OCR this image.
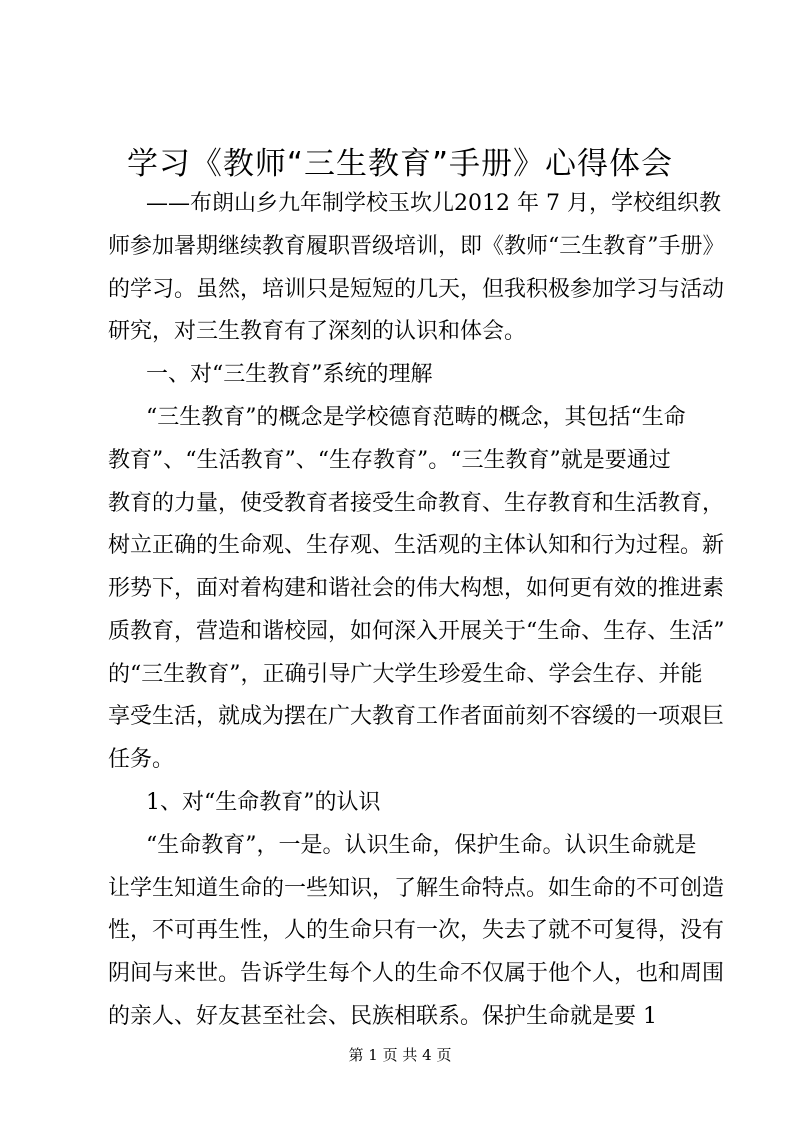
学习《教师“三生教育”手册》心得体会
——布朗山乡九年制学校玉坎儿2012 年 7 月，学校组织教
师参加暑期继续教育履职晋级培训，即《教师“三生教育”手册》
的学习。虽然，培训只是短短的几天，但我积极参加学习与活动
研究，对三生教育有了深刻的认识和体会。
一、对“三生教育”系统的理解
“三生教育”的概念是学校德育范畴的概念，其包括“生命
教育”、“生活教育”、“生存教育”。“三生教育”就是要通过
教育的力量，使受教育者接受生命教育、生存教育和生活教育，
树立正确的生命观、生存观、生活观的主体认知和行为过程。新
形势下，面对着构建和谐社会的伟大构想，如何更有效的推进素
质教育，营造和谐校园，如何深入开展关于“生命、生存、生活”
的“三生教育”，正确引导广大学生珍爱生命、学会生存、并能
享受生活，就成为摆在广大教育工作者面前刻不容缓的一项艰巨
任务。
1、对“生命教育”的认识
“生命教育”，一是。认识生命，保护生命。认识生命就是
让学生知道生命的一些知识，了解生命特点。如生命的不可创造
性，不可再生性，人的生命只有一次，失去了就不可复得，没有
阴间与来世。告诉学生每个人的生命不仅属于他个人，也和周围
的亲人、好友甚至社会、民族相联系。保护生命就是要 1
第 1 页 共 4 页
